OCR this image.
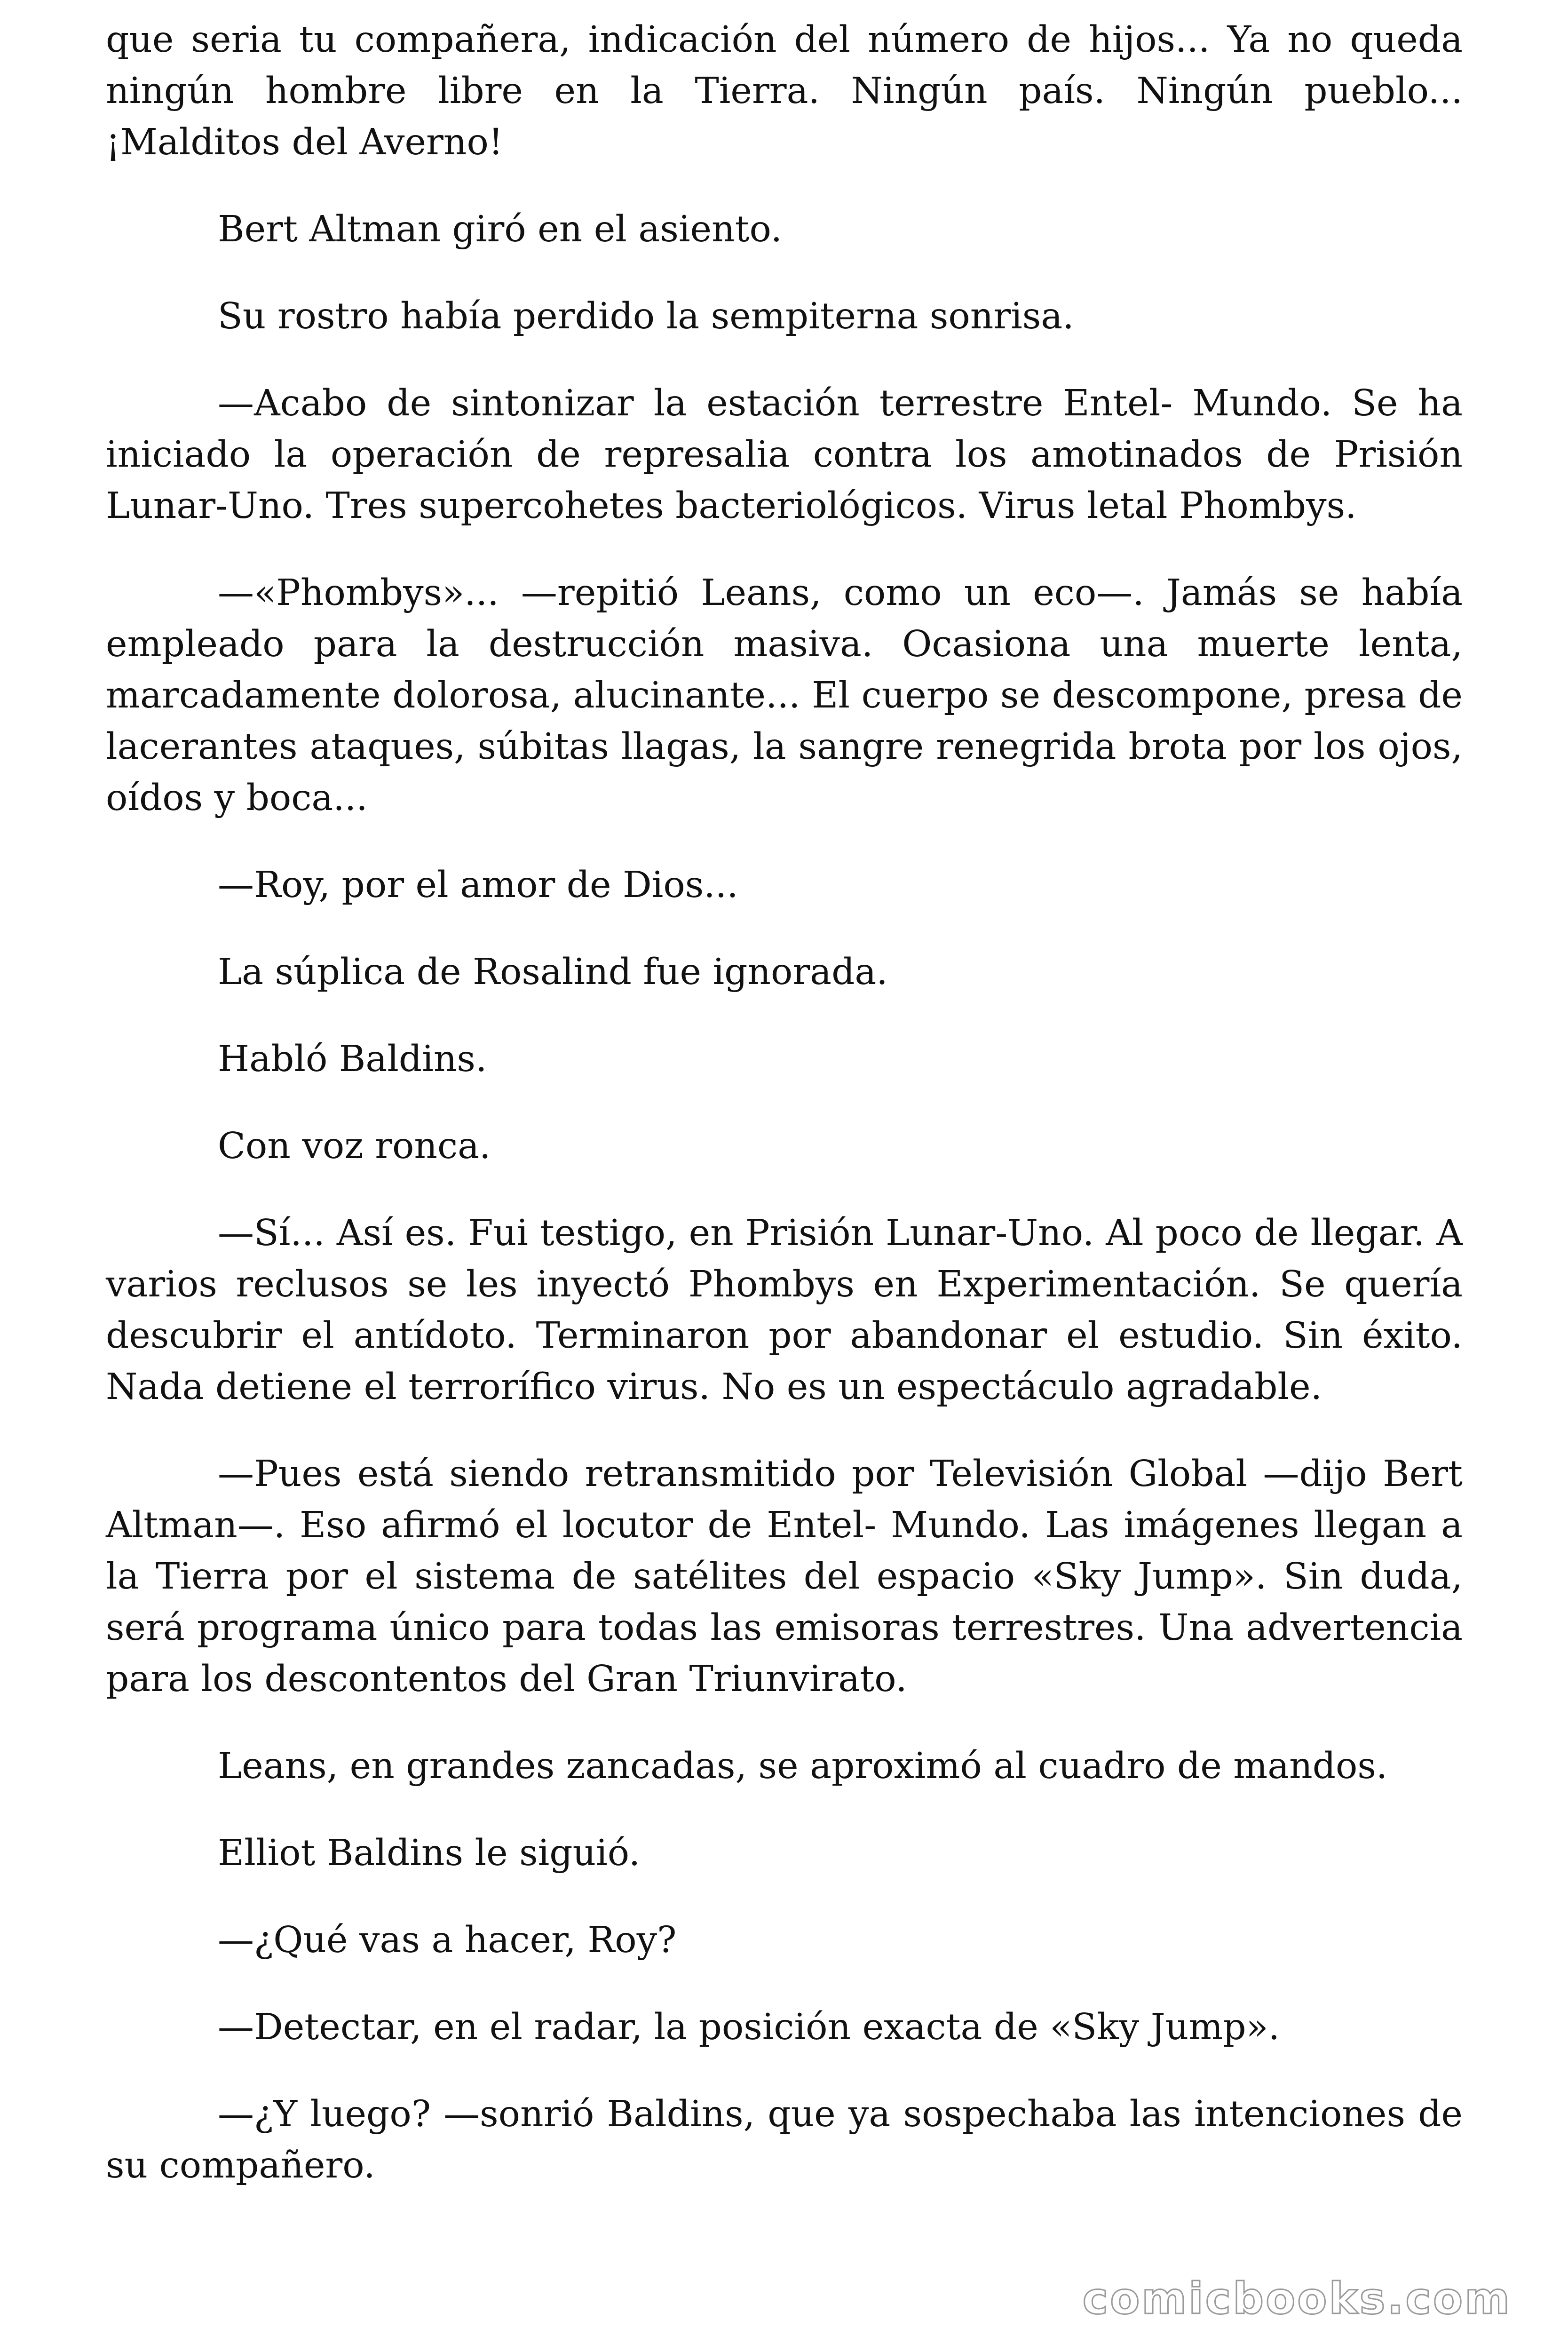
que seria tu compañera, indicación del número de hijos... Ya no queda ningún hombre libre en la Tierra. Ningún país. Ningún pueblo... ¡Malditos del Averno!

Bert Altman giró en el asiento.

Su rostro había perdido la sempiterna sonrisa.

—Acabo de sintonizar la estación terrestre Entel- Mundo. Se ha iniciado la operación de represalia contra los amotinados de Prisión Lunar-Uno. Tres supercohetes bacteriológicos. Virus letal Phombys.

—«Phombys»... —repitió Leans, como un eco—. Jamás se había empleado para la destrucción masiva. Ocasiona una muerte lenta, marcadamente dolorosa, alucinante... El cuerpo se descompone, presa de lacerantes ataques, súbitas llagas, la sangre renegrida brota por los ojos, oídos y boca...

—Roy, por el amor de Dios...

La súplica de Rosalind fue ignorada.

Habló Baldins.

Con voz ronca.

—Sí... Así es. Fui testigo, en Prisión Lunar-Uno. Al poco de llegar. A varios reclusos se les inyectó Phombys en Experimentación. Se quería descubrir el antídoto. Terminaron por abandonar el estudio. Sin éxito. Nada detiene el terrorífico virus. No es un espectáculo agradable.

—Pues está siendo retransmitido por Televisión Global —dijo Bert Altman—. Eso afirmó el locutor de Entel- Mundo. Las imágenes llegan a la Tierra por el sistema de satélites del espacio «Sky Jump». Sin duda, será programa único para todas las emisoras terrestres. Una advertencia para los descontentos del Gran Triunvirato.

Leans, en grandes zancadas, se aproximó al cuadro de mandos.

Elliot Baldins le siguió.

—¿Qué vas a hacer, Roy?

—Detectar, en el radar, la posición exacta de «Sky Jump».

—¿Y luego? —sonrió Baldins, que ya sospechaba las intenciones de su compañero.

comicbooks.com
